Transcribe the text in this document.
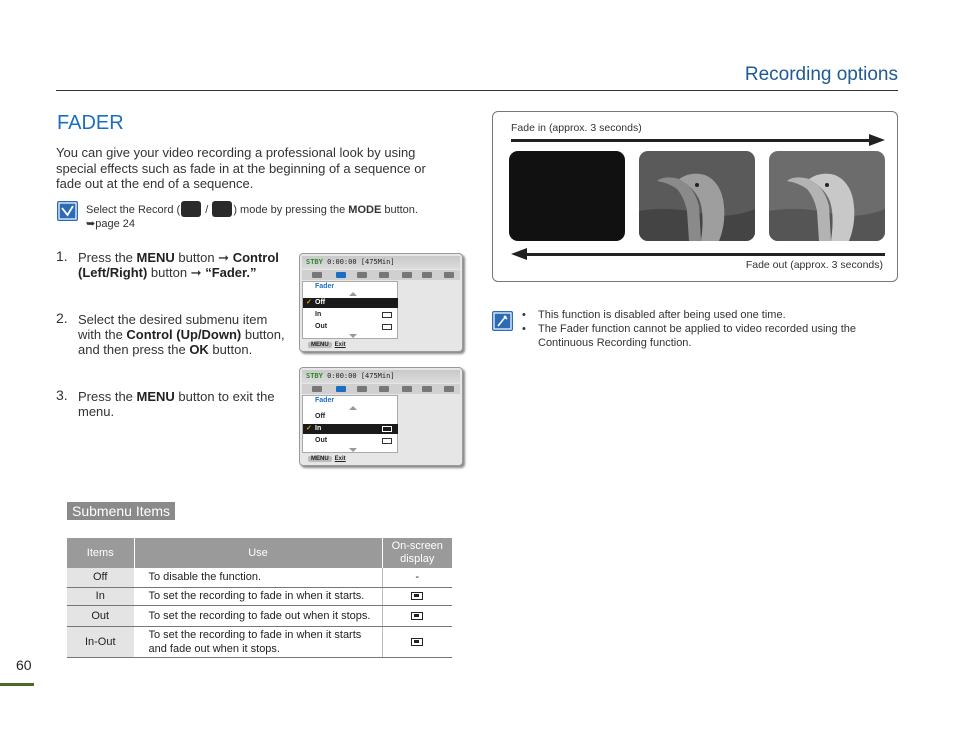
Recording options
FADER
You can give your video recording a professional look by using special effects such as fade in at the beginning of a sequence or fade out at the end of a sequence.
Select the Record ( / ) mode by pressing the MODE button.
➥page 24
1. Press the MENU button ➞ Control (Left/Right) button ➞ “Fader.”
2. Select the desired submenu item with the Control (Up/Down) button, and then press the OK button.
3. Press the MENU button to exit the menu.
STBY 0:00:00 [475Min]
Fader
✓ Off
In
Out
MENU Exit
STBY 0:00:00 [475Min]
Fader
Off
✓ In
Out
MENU Exit
Fade in (approx. 3 seconds)
Fade out (approx. 3 seconds)
• This function is disabled after being used one time.
• The Fader function cannot be applied to video recorded using the Continuous Recording function.
Submenu Items
Items	Use	On-screen display
Off	To disable the function.	-
In	To set the recording to fade in when it starts.	
Out	To set the recording to fade out when it stops.	
In-Out	To set the recording to fade in when it starts and fade out when it stops.	
60
